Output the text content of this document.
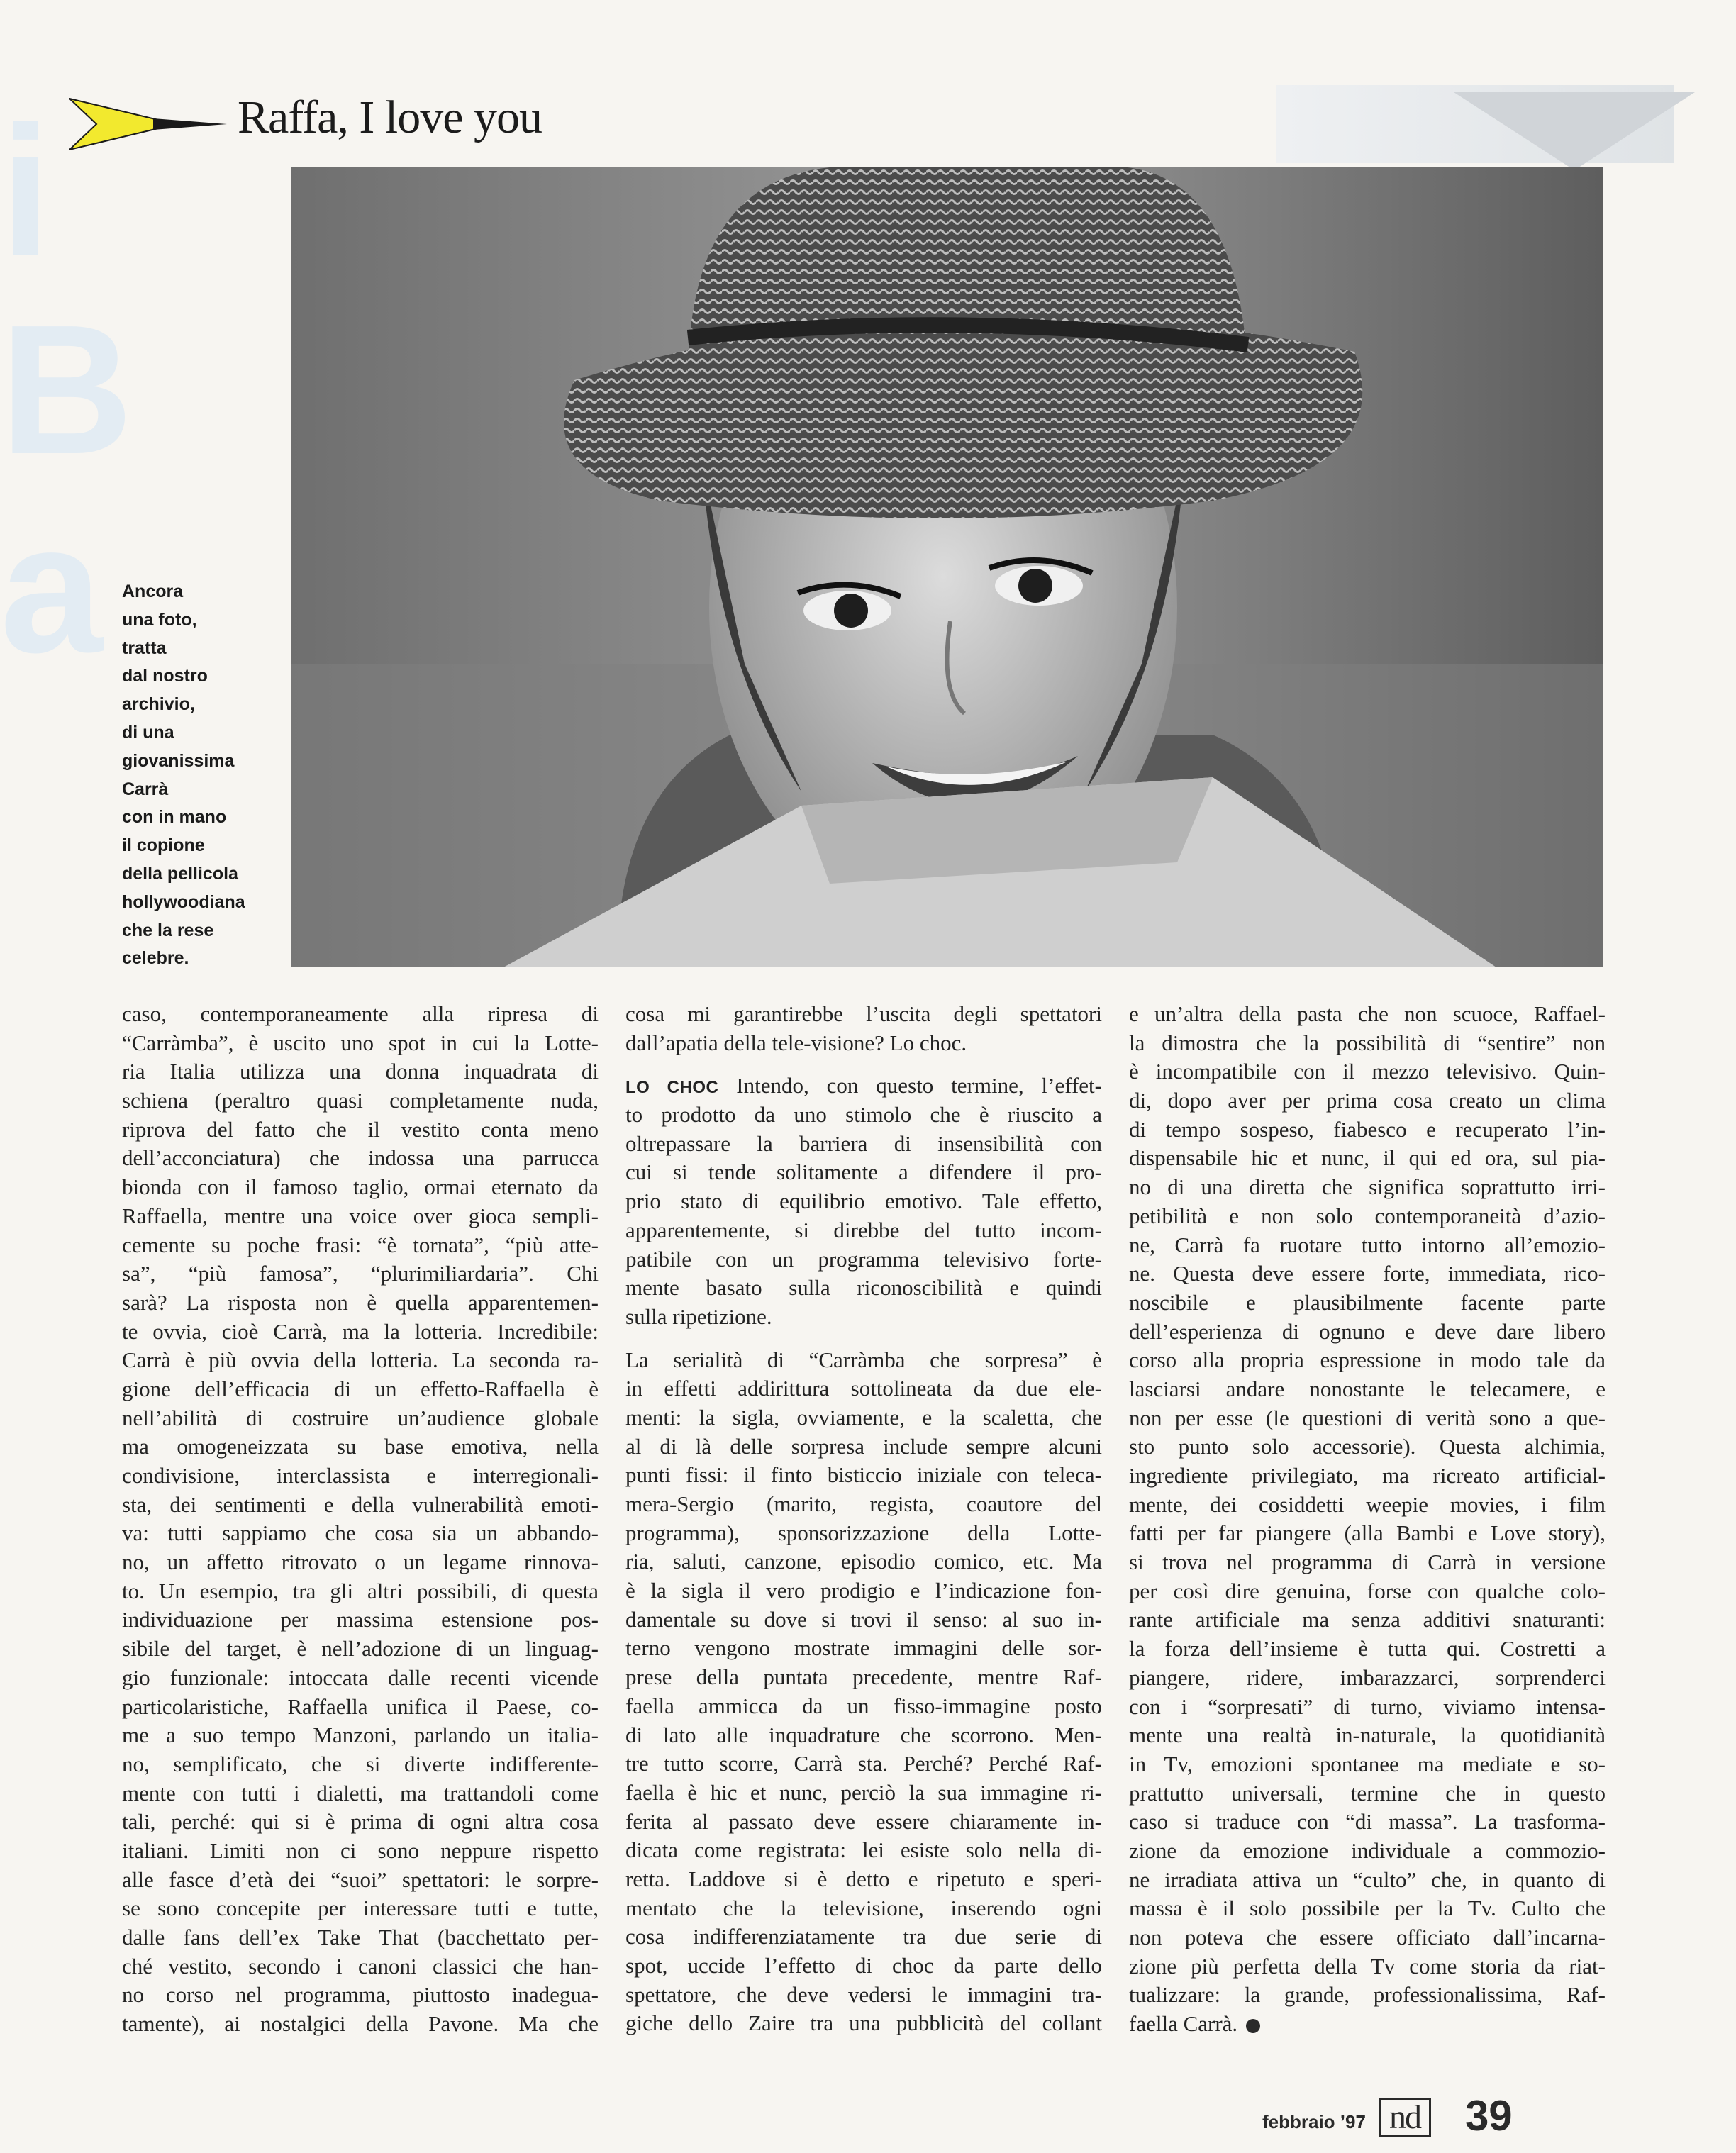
i
B
a
Raffa, I love you
Ancora
una foto,
tratta
dal nostro
archivio,
di una
giovanissima
Carrà
con in mano
il copione
della pellicola
hollywoodiana
che la rese
celebre.
caso, contemporaneamente alla ripresa di
“Carràmba”, è uscito uno spot in cui la Lotte-
ria Italia utilizza una donna inquadrata di
schiena (peraltro quasi completamente nuda,
riprova del fatto che il vestito conta meno
dell’acconciatura) che indossa una parrucca
bionda con il famoso taglio, ormai eternato da
Raffaella, mentre una voice over gioca sempli-
cemente su poche frasi: “è tornata”, “più atte-
sa”, “più famosa”, “plurimiliardaria”. Chi
sarà? La risposta non è quella apparentemen-
te ovvia, cioè Carrà, ma la lotteria. Incredibile:
Carrà è più ovvia della lotteria. La seconda ra-
gione dell’efficacia di un effetto-Raffaella è
nell’abilità di costruire un’audience globale
ma omogeneizzata su base emotiva, nella
condivisione, interclassista e interregionali-
sta, dei sentimenti e della vulnerabilità emoti-
va: tutti sappiamo che cosa sia un abbando-
no, un affetto ritrovato o un legame rinnova-
to. Un esempio, tra gli altri possibili, di questa
individuazione per massima estensione pos-
sibile del target, è nell’adozione di un linguag-
gio funzionale: intoccata dalle recenti vicende
particolaristiche, Raffaella unifica il Paese, co-
me a suo tempo Manzoni, parlando un italia-
no, semplificato, che si diverte indifferente-
mente con tutti i dialetti, ma trattandoli come
tali, perché: qui si è prima di ogni altra cosa
italiani. Limiti non ci sono neppure rispetto
alle fasce d’età dei “suoi” spettatori: le sorpre-
se sono concepite per interessare tutti e tutte,
dalle fans dell’ex Take That (bacchettato per-
ché vestito, secondo i canoni classici che han-
no corso nel programma, piuttosto inadegua-
tamente), ai nostalgici della Pavone. Ma che
cosa mi garantirebbe l’uscita degli spettatori
dall’apatia della tele-visione? Lo choc.
LO CHOC Intendo, con questo termine, l’effet-
to prodotto da uno stimolo che è riuscito a
oltrepassare la barriera di insensibilità con
cui si tende solitamente a difendere il pro-
prio stato di equilibrio emotivo. Tale effetto,
apparentemente, si direbbe del tutto incom-
patibile con un programma televisivo forte-
mente basato sulla riconoscibilità e quindi
sulla ripetizione.
La serialità di “Carràmba che sorpresa” è
in effetti addirittura sottolineata da due ele-
menti: la sigla, ovviamente, e la scaletta, che
al di là delle sorpresa include sempre alcuni
punti fissi: il finto bisticcio iniziale con teleca-
mera-Sergio (marito, regista, coautore del
programma), sponsorizzazione della Lotte-
ria, saluti, canzone, episodio comico, etc. Ma
è la sigla il vero prodigio e l’indicazione fon-
damentale su dove si trovi il senso: al suo in-
terno vengono mostrate immagini delle sor-
prese della puntata precedente, mentre Raf-
faella ammicca da un fisso-immagine posto
di lato alle inquadrature che scorrono. Men-
tre tutto scorre, Carrà sta. Perché? Perché Raf-
faella è hic et nunc, perciò la sua immagine ri-
ferita al passato deve essere chiaramente in-
dicata come registrata: lei esiste solo nella di-
retta. Laddove si è detto e ripetuto e speri-
mentato che la televisione, inserendo ogni
cosa indifferenziatamente tra due serie di
spot, uccide l’effetto di choc da parte dello
spettatore, che deve vedersi le immagini tra-
giche dello Zaire tra una pubblicità del collant
e un’altra della pasta che non scuoce, Raffael-
la dimostra che la possibilità di “sentire” non
è incompatibile con il mezzo televisivo. Quin-
di, dopo aver per prima cosa creato un clima
di tempo sospeso, fiabesco e recuperato l’in-
dispensabile hic et nunc, il qui ed ora, sul pia-
no di una diretta che significa soprattutto irri-
petibilità e non solo contemporaneità d’azio-
ne, Carrà fa ruotare tutto intorno all’emozio-
ne. Questa deve essere forte, immediata, rico-
noscibile e plausibilmente facente parte
dell’esperienza di ognuno e deve dare libero
corso alla propria espressione in modo tale da
lasciarsi andare nonostante le telecamere, e
non per esse (le questioni di verità sono a que-
sto punto solo accessorie). Questa alchimia,
ingrediente privilegiato, ma ricreato artificial-
mente, dei cosiddetti weepie movies, i film
fatti per far piangere (alla Bambi e Love story),
si trova nel programma di Carrà in versione
per così dire genuina, forse con qualche colo-
rante artificiale ma senza additivi snaturanti:
la forza dell’insieme è tutta qui. Costretti a
piangere, ridere, imbarazzarci, sorprenderci
con i “sorpresati” di turno, viviamo intensa-
mente una realtà in-naturale, la quotidianità
in Tv, emozioni spontanee ma mediate e so-
prattutto universali, termine che in questo
caso si traduce con “di massa”. La trasforma-
zione da emozione individuale a commozio-
ne irradiata attiva un “culto” che, in quanto di
massa è il solo possibile per la Tv. Culto che
non poteva che essere officiato dall’incarna-
zione più perfetta della Tv come storia da riat-
tualizzare: la grande, professionalissima, Raf-
faella Carrà.
febbraio ’97 nd 39
